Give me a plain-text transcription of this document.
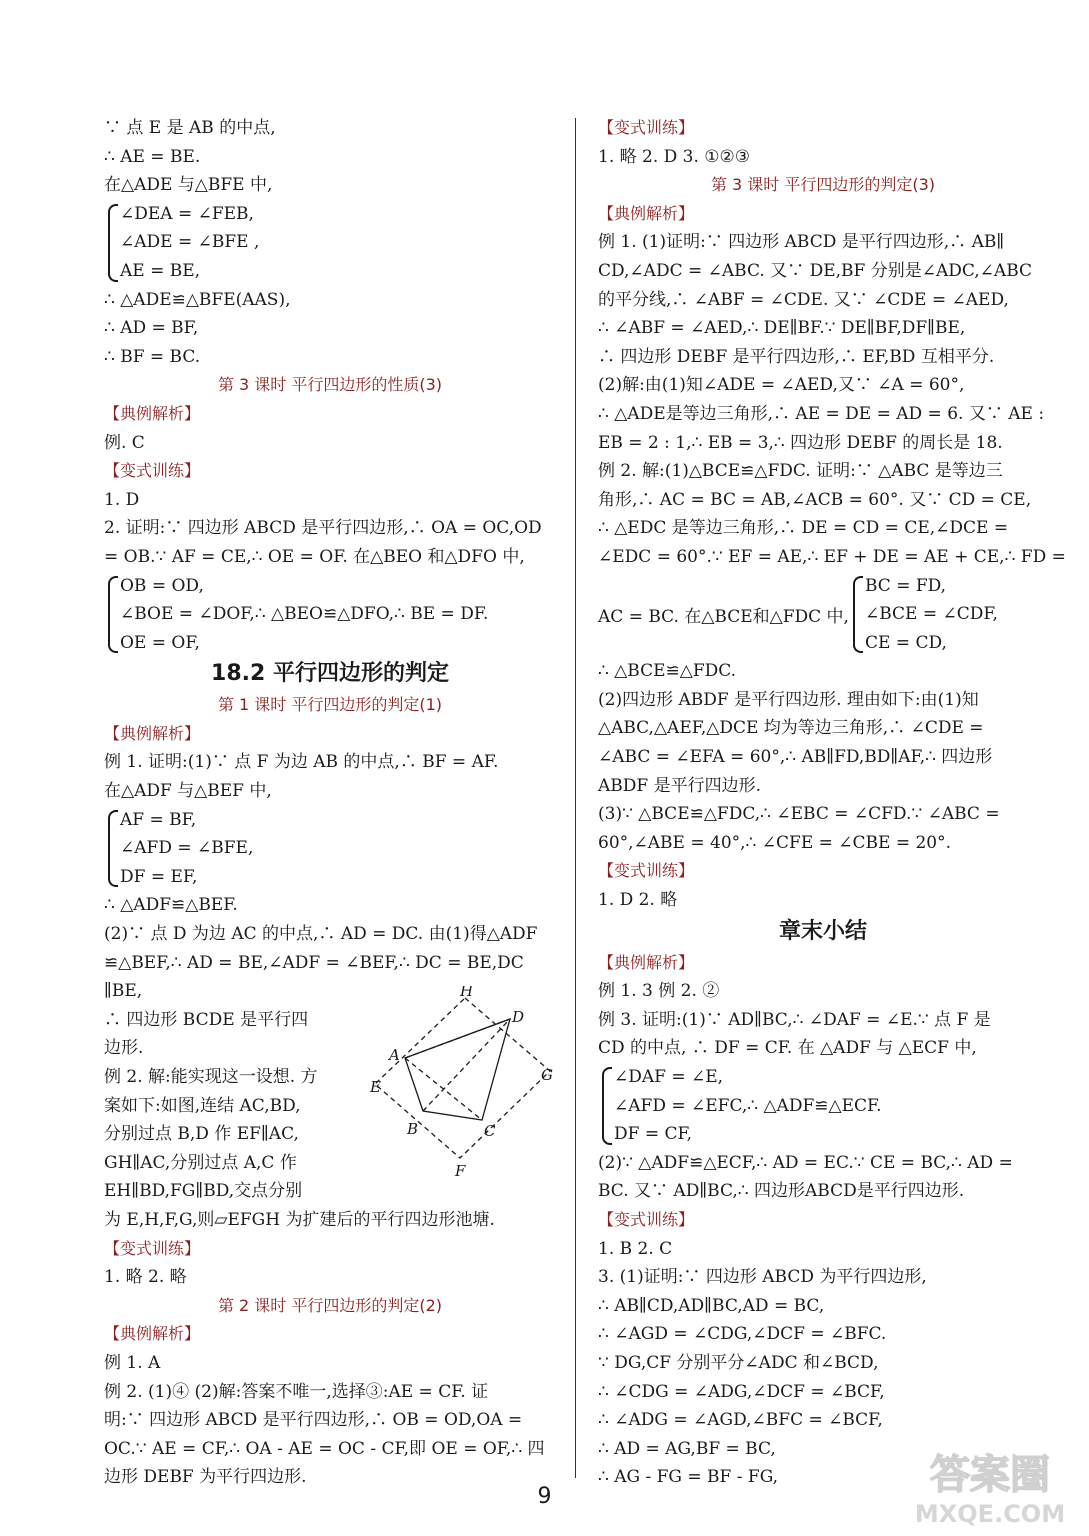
∵ 点 E 是 AB 的中点,
∴ AE = BE.
在△ADE 与△BFE 中,
∠DEA = ∠FEB,
∠ADE = ∠BFE ,
AE = BE,
∴ △ADE≌△BFE(AAS),
∴ AD = BF,
∴ BF = BC.
第 3 课时 平行四边形的性质(3)
【典例解析】
例. C
【变式训练】
1. D
2. 证明:∵ 四边形 ABCD 是平行四边形,∴ OA = OC,OD
= OB.∵ AF = CE,∴ OE = OF. 在△BEO 和△DFO 中,
OB = OD,
∠BOE = ∠DOF,∴ △BEO≌△DFO,∴ BE = DF.
OE = OF,
18.2 平行四边形的判定
第 1 课时 平行四边形的判定(1)
【典例解析】
例 1. 证明:(1)∵ 点 F 为边 AB 的中点,∴ BF = AF.
在△ADF 与△BEF 中,
AF = BF,
∠AFD = ∠BFE,
DF = EF,
∴ △ADF≌△BEF.
(2)∵ 点 D 为边 AC 的中点,∴ AD = DC. 由(1)得△ADF
≌△BEF,∴ AD = BE,∠ADF = ∠BEF,∴ DC = BE,DC
∥BE,
∴ 四边形 BCDE 是平行四
边形.
例 2. 解:能实现这一设想. 方
案如下:如图,连结 AC,BD,
分别过点 B,D 作 EF∥AC,
GH∥AC,分别过点 A,C 作
EH∥BD,FG∥BD,交点分别
H
D
G
A
E
B	C
F
为 E,H,F,G,则▱EFGH 为扩建后的平行四边形池塘.
【变式训练】
1. 略 2. 略
第 2 课时 平行四边形的判定(2)
【典例解析】
例 1. A
例 2. (1)④ (2)解:答案不唯一,选择③:AE = CF. 证
明:∵ 四边形 ABCD 是平行四边形,∴ OB = OD,OA =
OC.∵ AE = CF,∴ OA - AE = OC - CF,即 OE = OF,∴ 四
边形 DEBF 为平行四边形.
【变式训练】
1. 略 2. D 3. ①②③
第 3 课时 平行四边形的判定(3)
【典例解析】
例 1. (1)证明:∵ 四边形 ABCD 是平行四边形,∴ AB∥
CD,∠ADC = ∠ABC. 又∵ DE,BF 分别是∠ADC,∠ABC
的平分线,∴ ∠ABF = ∠CDE. 又∵ ∠CDE = ∠AED,
∴ ∠ABF = ∠AED,∴ DE∥BF.∵ DE∥BF,DF∥BE,
∴ 四边形 DEBF 是平行四边形,∴ EF,BD 互相平分.
(2)解:由(1)知∠ADE = ∠AED,又∵ ∠A = 60°,
∴ △ADE是等边三角形,∴ AE = DE = AD = 6. 又∵ AE :
EB = 2 : 1,∴ EB = 3,∴ 四边形 DEBF 的周长是 18.
例 2. 解:(1)△BCE≌△FDC. 证明:∵ △ABC 是等边三
角形,∴ AC = BC = AB,∠ACB = 60°. 又∵ CD = CE,
∴ △EDC 是等边三角形,∴ DE = CD = CE,∠DCE =
∠EDC = 60°.∵ EF = AE,∴ EF + DE = AE + CE,∴ FD =
AC = BC. 在△BCE和△FDC 中,
BC = FD,
∠BCE = ∠CDF,
CE = CD,
∴ △BCE≌△FDC.
(2)四边形 ABDF 是平行四边形. 理由如下:由(1)知
△ABC,△AEF,△DCE 均为等边三角形,∴ ∠CDE =
∠ABC = ∠EFA = 60°,∴ AB∥FD,BD∥AF,∴ 四边形
ABDF 是平行四边形.
(3)∵ △BCE≌△FDC,∴ ∠EBC = ∠CFD.∵ ∠ABC =
60°,∠ABE = 40°,∴ ∠CFE = ∠CBE = 20°.
【变式训练】
1. D 2. 略
章末小结
【典例解析】
例 1. 3 例 2. ②
例 3. 证明:(1)∵ AD∥BC,∴ ∠DAF = ∠E.∵ 点 F 是
CD 的中点, ∴ DF = CF. 在 △ADF 与 △ECF 中,
∠DAF = ∠E,
∠AFD = ∠EFC,∴ △ADF≌△ECF.
DF = CF,
(2)∵ △ADF≌△ECF,∴ AD = EC.∵ CE = BC,∴ AD =
BC. 又∵ AD∥BC,∴ 四边形ABCD是平行四边形.
【变式训练】
1. B 2. C
3. (1)证明:∵ 四边形 ABCD 为平行四边形,
∴ AB∥CD,AD∥BC,AD = BC,
∴ ∠AGD = ∠CDG,∠DCF = ∠BFC.
∵ DG,CF 分别平分∠ADC 和∠BCD,
∴ ∠CDG = ∠ADG,∠DCF = ∠BCF,
∴ ∠ADG = ∠AGD,∠BFC = ∠BCF,
∴ AD = AG,BF = BC,
∴ AG - FG = BF - FG,
9	答案圈
MXQE.COM
